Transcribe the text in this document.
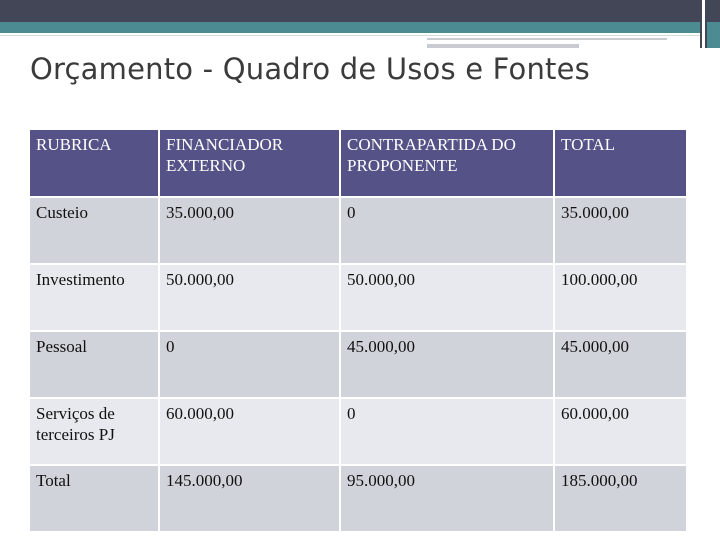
Orçamento - Quadro de Usos e Fontes
RUBRICA	FINANCIADOR EXTERNO	CONTRAPARTIDA DO PROPONENTE	TOTAL
Custeio	35.000,00	0	35.000,00
Investimento	50.000,00	50.000,00	100.000,00
Pessoal	0	45.000,00	45.000,00
Serviços de terceiros PJ	60.000,00	0	60.000,00
Total	145.000,00	95.000,00	185.000,00
